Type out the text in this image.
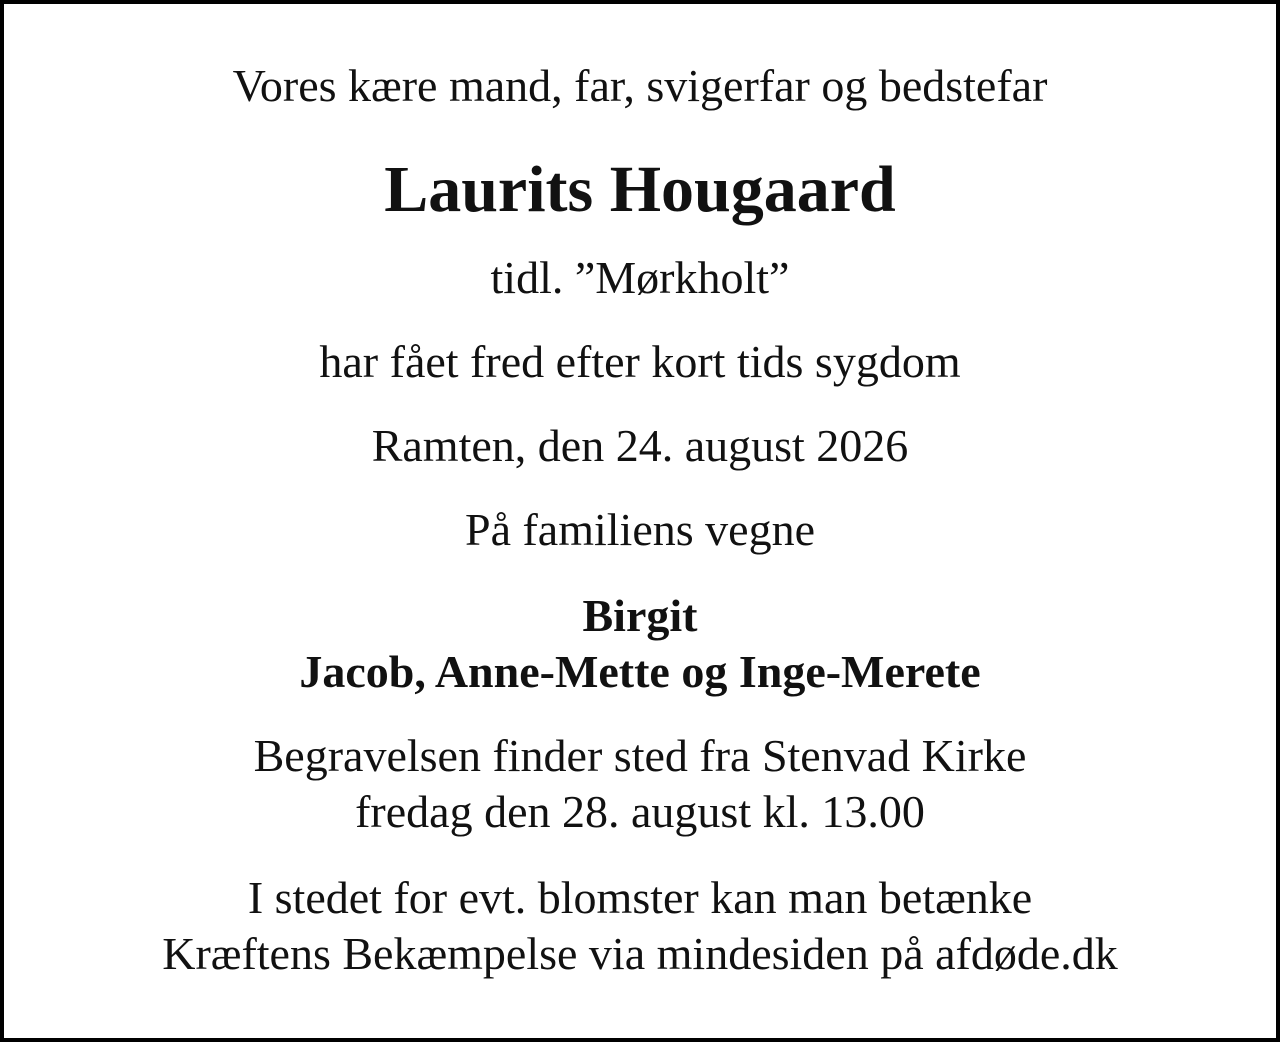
Vores kære mand, far, svigerfar og bedstefar

Laurits Hougaard

tidl. ”Mørkholt”

har fået fred efter kort tids sygdom

Ramten, den 24. august 2026

På familiens vegne

Birgit

Jacob, Anne-Mette og Inge-Merete

Begravelsen finder sted fra Stenvad Kirke

fredag den 28. august kl. 13.00

I stedet for evt. blomster kan man betænke

Kræftens Bekæmpelse via mindesiden på afdøde.dk
